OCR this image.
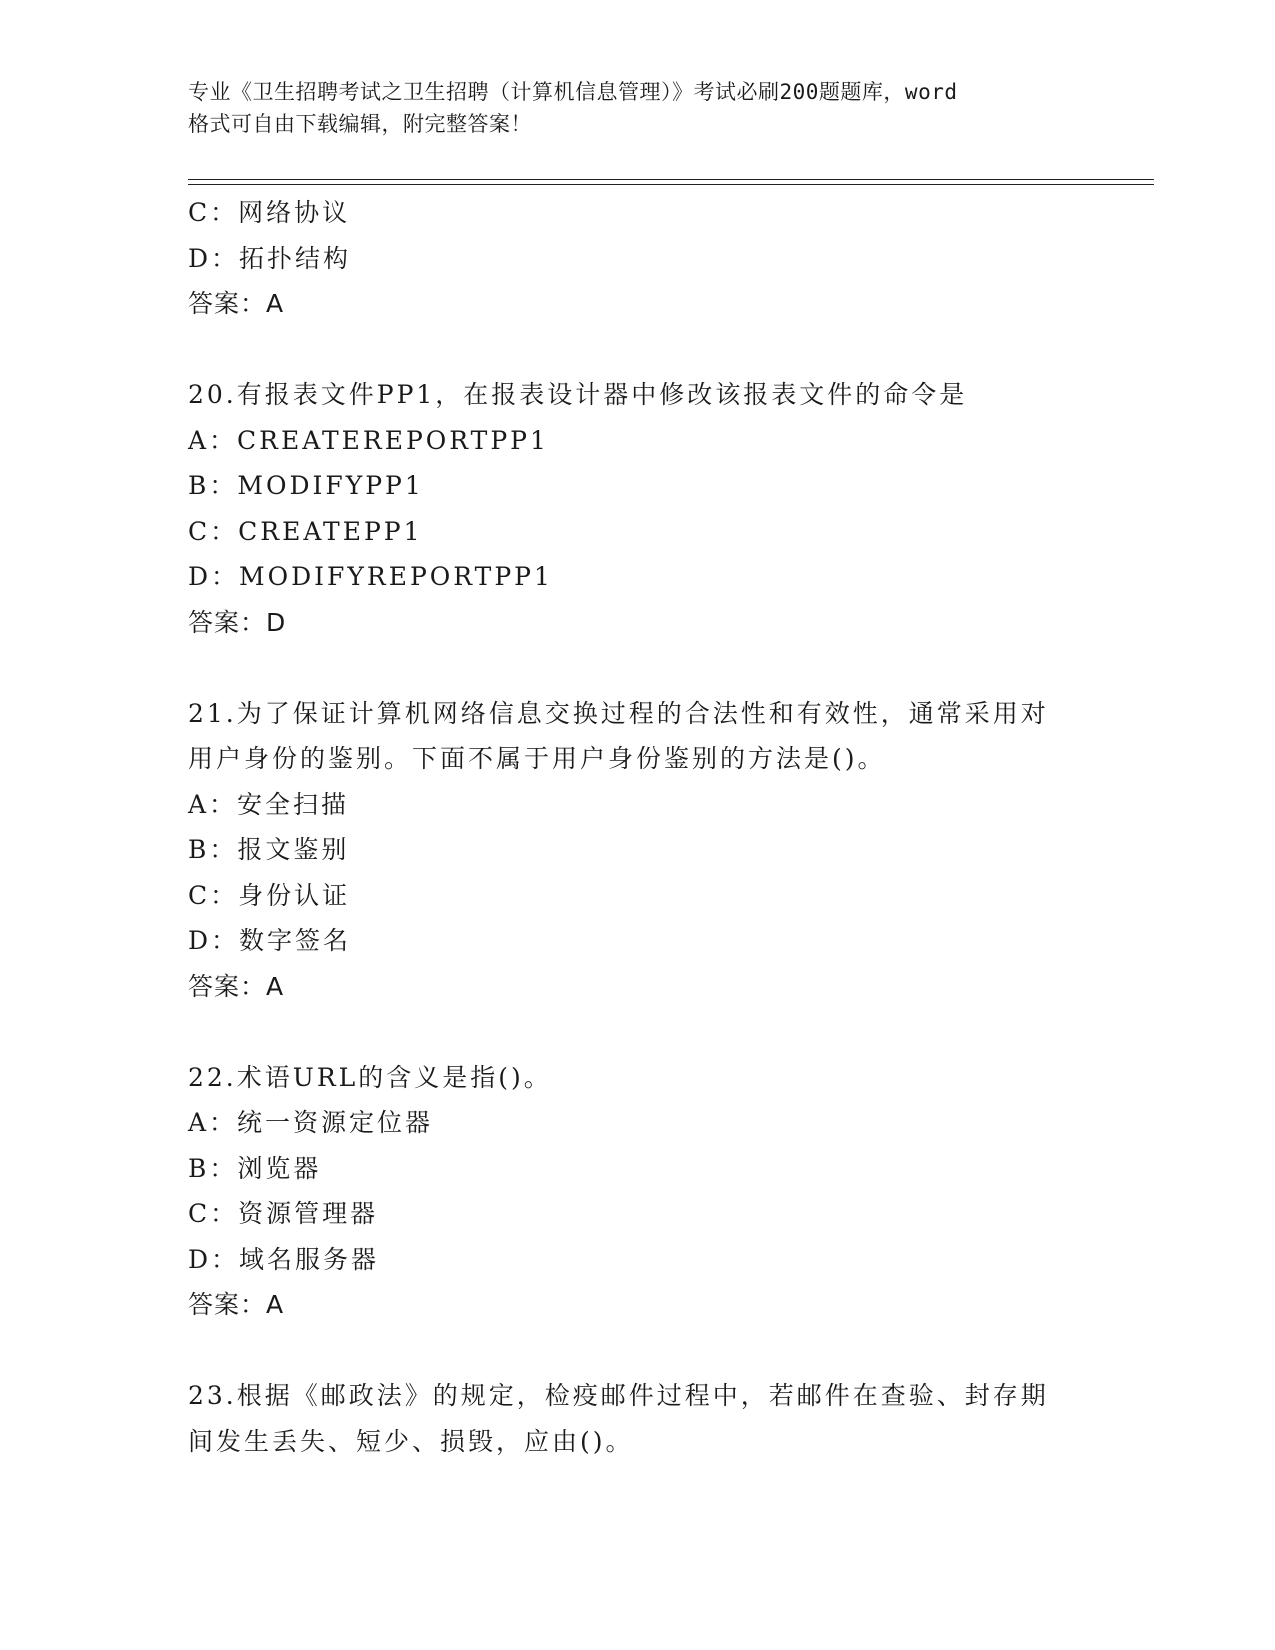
专业《卫生招聘考试之卫生招聘（计算机信息管理）》考试必刷200题题库，word
格式可自由下载编辑，附完整答案！
C：网络协议
D：拓扑结构
答案：A
20.有报表文件PP1，在报表设计器中修改该报表文件的命令是
A：CREATEREPORTPP1
B：MODIFYPP1
C：CREATEPP1
D：MODIFYREPORTPP1
答案：D
21.为了保证计算机网络信息交换过程的合法性和有效性，通常采用对
用户身份的鉴别。下面不属于用户身份鉴别的方法是()。
A：安全扫描
B：报文鉴别
C：身份认证
D：数字签名
答案：A
22.术语URL的含义是指()。
A：统一资源定位器
B：浏览器
C：资源管理器
D：域名服务器
答案：A
23.根据《邮政法》的规定，检疫邮件过程中，若邮件在查验、封存期
间发生丢失、短少、损毁，应由()。
